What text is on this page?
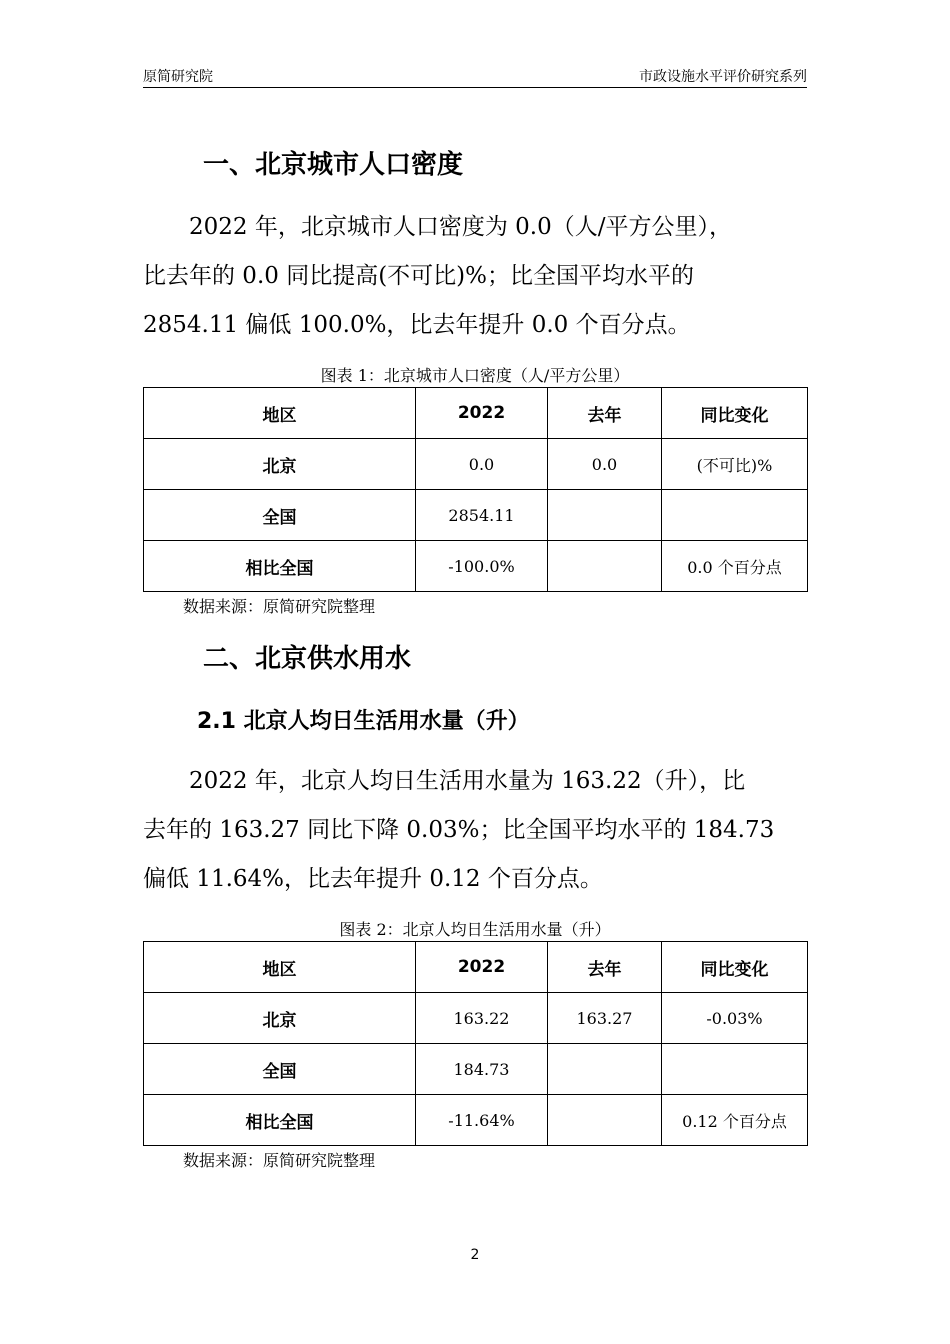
原简研究院	市政设施水平评价研究系列
一、北京城市人口密度
　　2022 年，北京城市人口密度为 0.0（人/平方公里），
比去年的 0.0 同比提高(不可比)%；比全国平均水平的
2854.11 偏低 100.0%，比去年提升 0.0 个百分点。
图表 1：北京城市人口密度（人/平方公里）
地区	2022	去年	同比变化
北京	0.0	0.0	(不可比)%
全国	2854.11		
相比全国	-100.0%		0.0 个百分点
数据来源：原简研究院整理
二、北京供水用水
2.1 北京人均日生活用水量（升）
　　2022 年，北京人均日生活用水量为 163.22（升），比
去年的 163.27 同比下降 0.03%；比全国平均水平的 184.73
偏低 11.64%，比去年提升 0.12 个百分点。
图表 2：北京人均日生活用水量（升）
地区	2022	去年	同比变化
北京	163.22	163.27	-0.03%
全国	184.73		
相比全国	-11.64%		0.12 个百分点
数据来源：原简研究院整理
2
